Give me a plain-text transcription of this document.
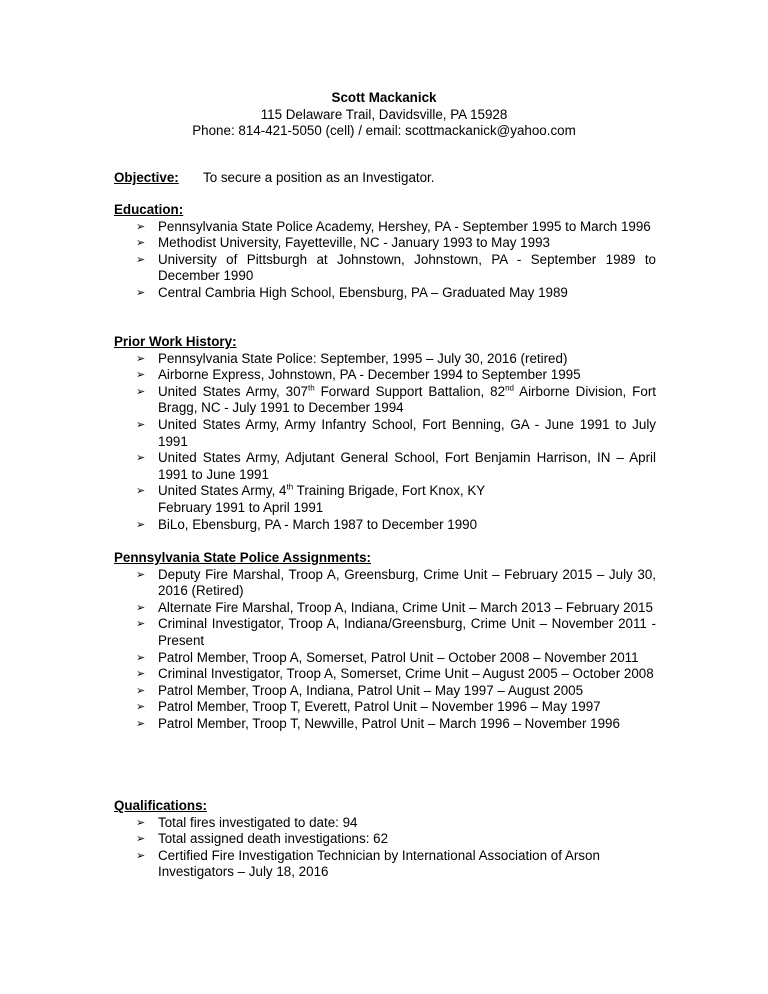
Scott Mackanick
115 Delaware Trail, Davidsville, PA 15928
Phone: 814-421-5050 (cell) / email: scottmackanick@yahoo.com
Objective:	To secure a position as an Investigator.
Education:
➢ Pennsylvania State Police Academy, Hershey, PA - September 1995 to March 1996
➢ Methodist University, Fayetteville, NC - January 1993 to May 1993
➢ University of Pittsburgh at Johnstown, Johnstown, PA - September 1989 to December 1990
➢ Central Cambria High School, Ebensburg, PA – Graduated May 1989
Prior Work History:
➢ Pennsylvania State Police: September, 1995 – July 30, 2016 (retired)
➢ Airborne Express, Johnstown, PA - December 1994 to September 1995
➢ United States Army, 307th Forward Support Battalion, 82nd Airborne Division, Fort Bragg, NC - July 1991 to December 1994
➢ United States Army, Army Infantry School, Fort Benning, GA - June 1991 to July 1991
➢ United States Army, Adjutant General School, Fort Benjamin Harrison, IN – April 1991 to June 1991
➢ United States Army, 4th Training Brigade, Fort Knox, KY
February 1991 to April 1991
➢ BiLo, Ebensburg, PA - March 1987 to December 1990
Pennsylvania State Police Assignments:
➢ Deputy Fire Marshal, Troop A, Greensburg, Crime Unit – February 2015 – July 30, 2016 (Retired)
➢ Alternate Fire Marshal, Troop A, Indiana, Crime Unit – March 2013 – February 2015
➢ Criminal Investigator, Troop A, Indiana/Greensburg, Crime Unit – November 2011 - Present
➢ Patrol Member, Troop A, Somerset, Patrol Unit – October 2008 – November 2011
➢ Criminal Investigator, Troop A, Somerset, Crime Unit – August 2005 – October 2008
➢ Patrol Member, Troop A, Indiana, Patrol Unit – May 1997 – August 2005
➢ Patrol Member, Troop T, Everett, Patrol Unit – November 1996 – May 1997
➢ Patrol Member, Troop T, Newville, Patrol Unit – March 1996 – November 1996
Qualifications:
➢ Total fires investigated to date: 94
➢ Total assigned death investigations: 62
➢ Certified Fire Investigation Technician by International Association of Arson Investigators – July 18, 2016
